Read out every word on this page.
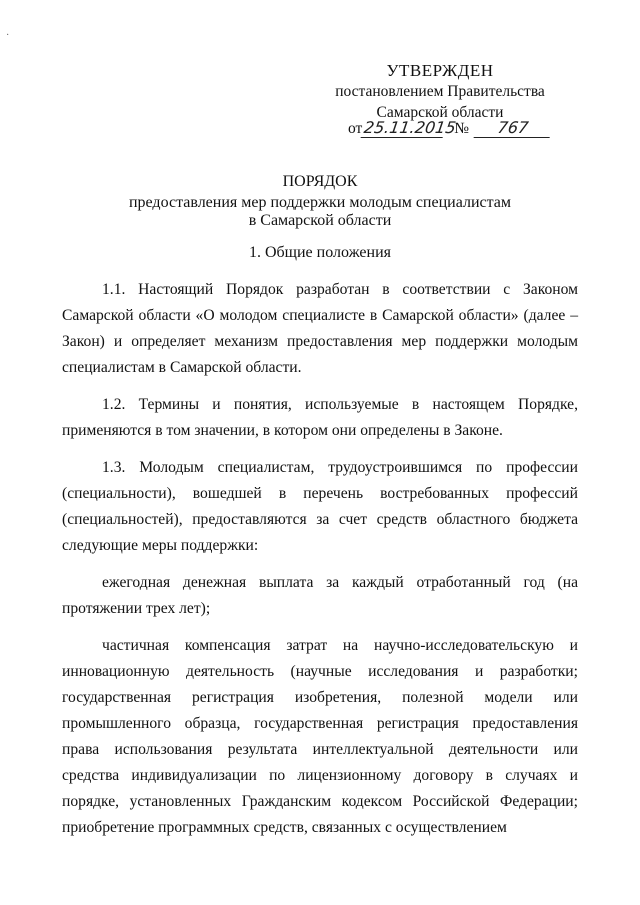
·
УТВЕРЖДЕН
постановлением Правительства
Самарской области
от25.11.2015 № 767
ПОРЯДОК
предоставления мер поддержки молодым специалистам
в Самарской области
1. Общие положения

1.1. Настоящий Порядок разработан в соответствии с Законом Самарской области «О молодом специалисте в Самарской области» (далее – Закон) и определяет механизм предоставления мер поддержки молодым специалистам в Самарской области.

1.2. Термины и понятия, используемые в настоящем Порядке, применяются в том значении, в котором они определены в Законе.

1.3. Молодым специалистам, трудоустроившимся по профессии (специальности), вошедшей в перечень востребованных профессий (специальностей), предоставляются за счет средств областного бюджета следующие меры поддержки:

ежегодная денежная выплата за каждый отработанный год (на протяжении трех лет);

частичная компенсация затрат на научно-исследовательскую и инновационную деятельность (научные исследования и разработки; государственная регистрация изобретения, полезной модели или промышленного образца, государственная регистрация предоставления права использования результата интеллектуальной деятельности или средства индивидуализации по лицензионному договору в случаях и порядке, установленных Гражданским кодексом Российской Федерации; приобретение программных средств, связанных с осуществлением
